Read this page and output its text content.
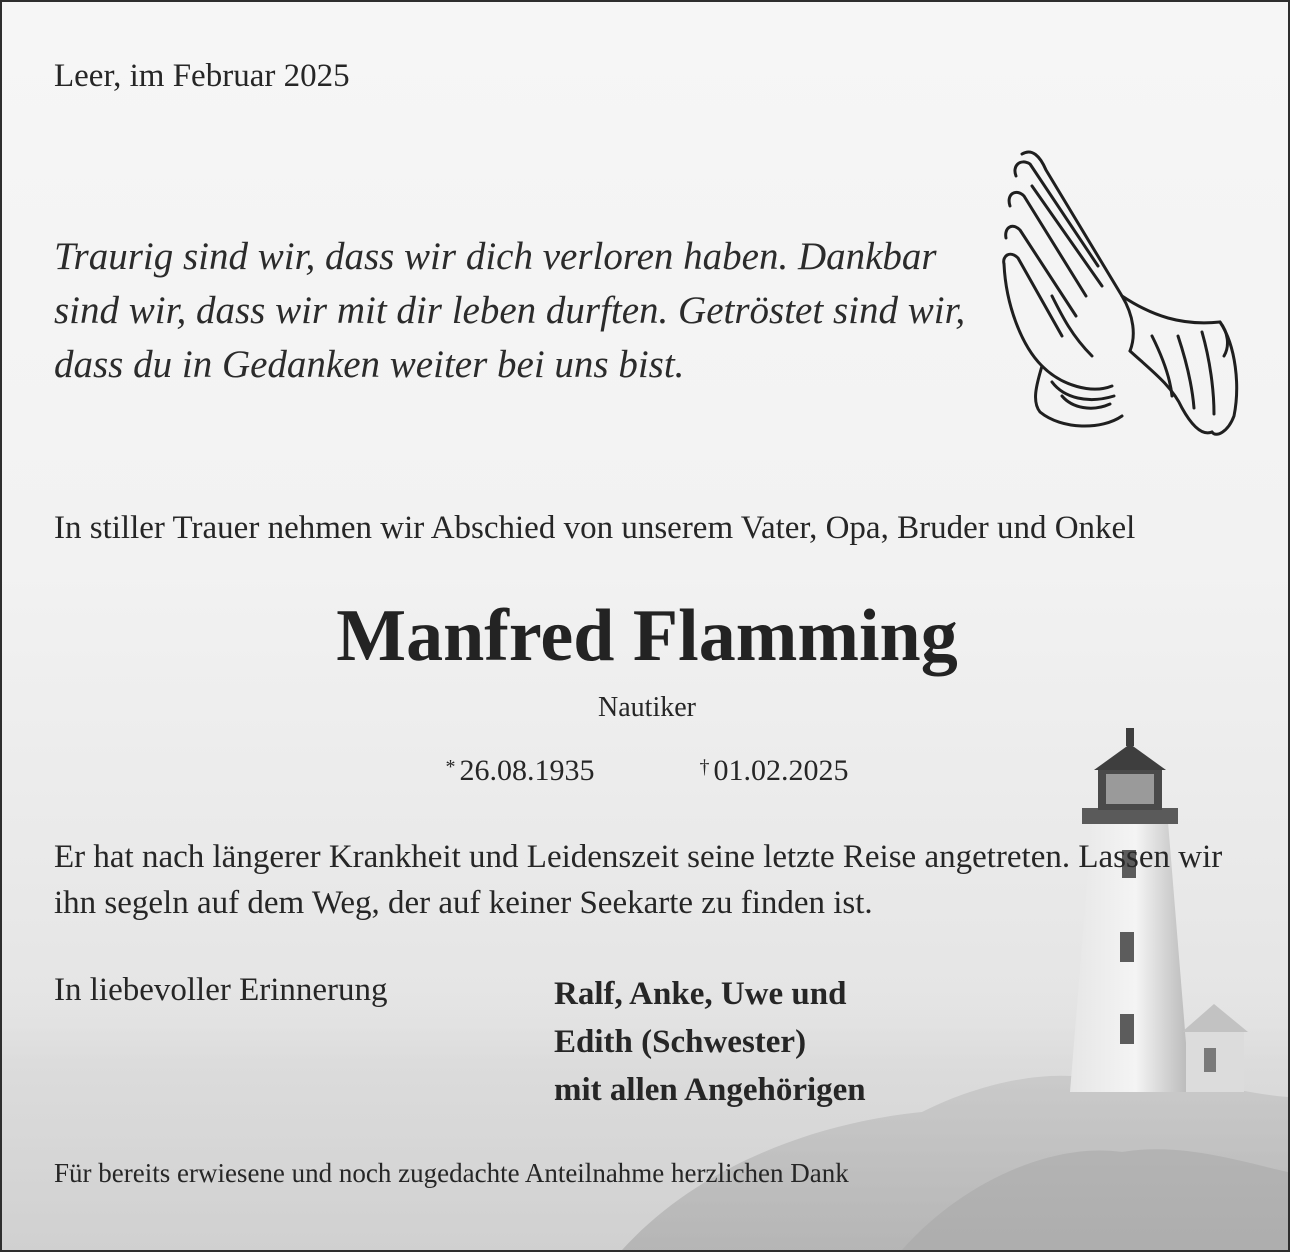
Leer, im Februar 2025

Traurig sind wir, dass wir dich verloren haben. Dankbar sind wir, dass wir mit dir leben durften. Getröstet sind wir, dass du in Gedanken weiter bei uns bist.

In stiller Trauer nehmen wir Abschied von unserem Vater, Opa, Bruder und Onkel

Manfred Flamming

Nautiker

* 26.08.1935	† 01.02.2025

Er hat nach längerer Krankheit und Leidenszeit seine letzte Reise angetreten. Lassen wir ihn segeln auf dem Weg, der auf keiner Seekarte zu finden ist.

In liebevoller Erinnerung	Ralf, Anke, Uwe und
Edith (Schwester)
mit allen Angehörigen

Für bereits erwiesene und noch zugedachte Anteilnahme herzlichen Dank
